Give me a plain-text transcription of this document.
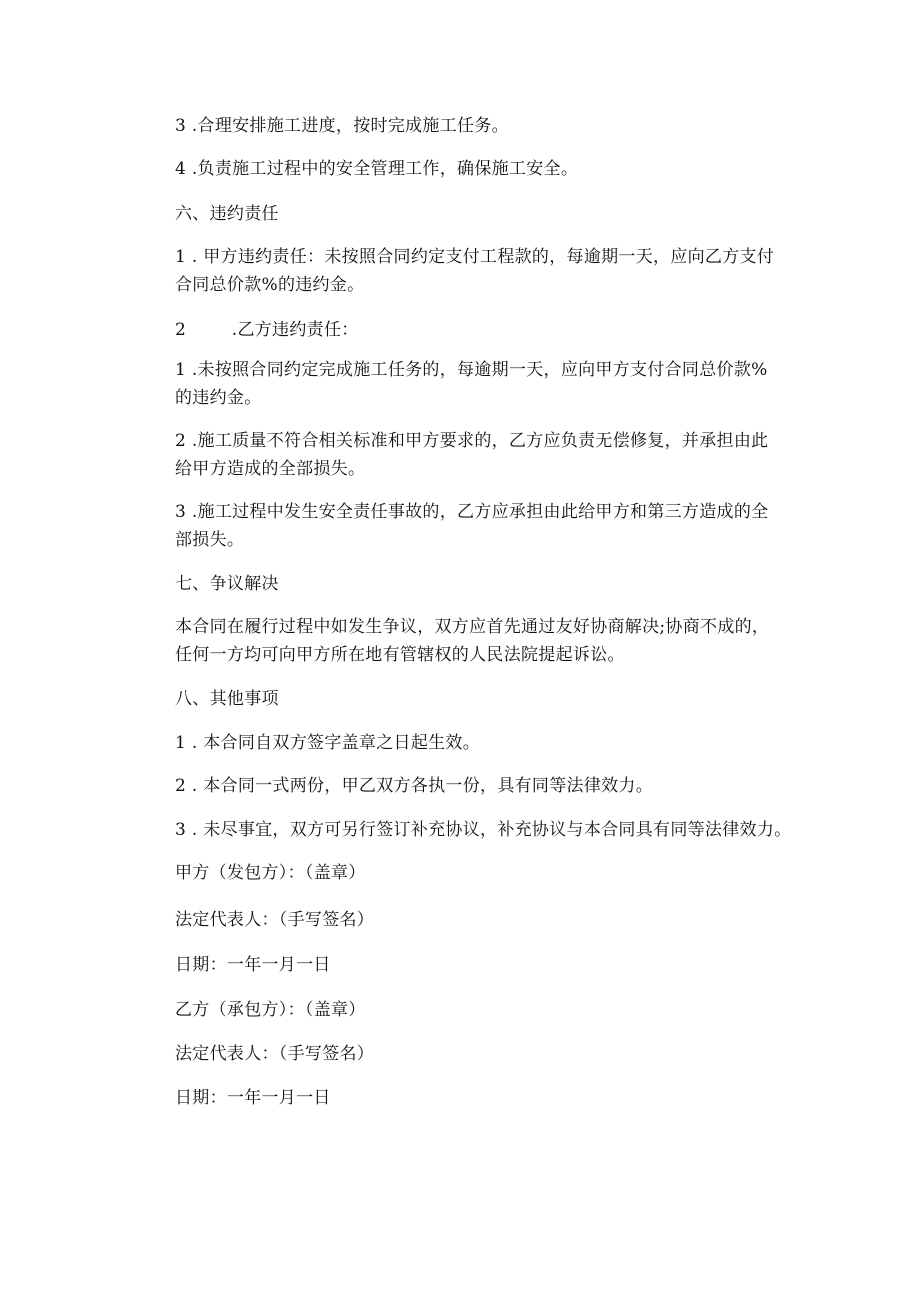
3 .合理安排施工进度，按时完成施工任务。
4 .负责施工过程中的安全管理工作，确保施工安全。
六、违约责任
1 . 甲方违约责任：未按照合同约定支付工程款的，每逾期一天，应向乙方支付合同总价款%的违约金。
2        .乙方违约责任：
1 .未按照合同约定完成施工任务的，每逾期一天，应向甲方支付合同总价款%的违约金。
2 .施工质量不符合相关标准和甲方要求的，乙方应负责无偿修复，并承担由此给甲方造成的全部损失。
3 .施工过程中发生安全责任事故的，乙方应承担由此给甲方和第三方造成的全部损失。
七、争议解决
本合同在履行过程中如发生争议，双方应首先通过友好协商解决;协商不成的，任何一方均可向甲方所在地有管辖权的人民法院提起诉讼。
八、其他事项
1 . 本合同自双方签字盖章之日起生效。
2 . 本合同一式两份，甲乙双方各执一份，具有同等法律效力。
3 . 未尽事宜，双方可另行签订补充协议，补充协议与本合同具有同等法律效力。
甲方（发包方）：（盖章）
法定代表人：（手写签名）
日期：一年一月一日
乙方（承包方）：（盖章）
法定代表人：（手写签名）
日期：一年一月一日
